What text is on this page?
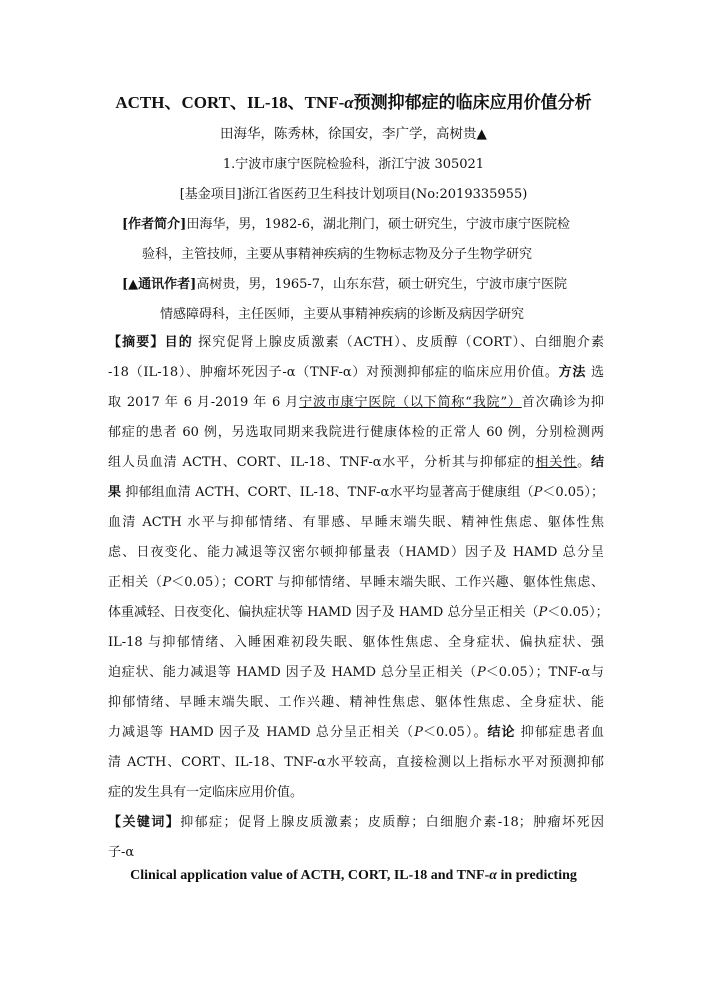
ACTH、CORT、IL-18、TNF-α预测抑郁症的临床应用价值分析
田海华，陈秀林，徐国安，李广学，高树贵▲
1.宁波市康宁医院检验科，浙江宁波 305021
[基金项目]浙江省医药卫生科技计划项目(No:2019335955)
[作者简介]田海华，男，1982-6，湖北荆门，硕士研究生，宁波市康宁医院检
验科，主管技师，主要从事精神疾病的生物标志物及分子生物学研究
[▲通讯作者]高树贵，男，1965-7，山东东营，硕士研究生，宁波市康宁医院
情感障碍科，主任医师，主要从事精神疾病的诊断及病因学研究
【摘要】目的 探究促肾上腺皮质激素（ACTH）、皮质醇（CORT）、白细胞介素
-18（IL-18）、肿瘤坏死因子-α（TNF-α）对预测抑郁症的临床应用价值。方法 选
取 2017 年 6 月-2019 年 6 月宁波市康宁医院（以下简称“我院”）首次确诊为抑
郁症的患者 60 例，另选取同期来我院进行健康体检的正常人 60 例，分别检测两
组人员血清 ACTH、CORT、IL-18、TNF-α水平，分析其与抑郁症的相关性。结
果 抑郁组血清 ACTH、CORT、IL-18、TNF-α水平均显著高于健康组（P＜0.05）；
血清 ACTH 水平与抑郁情绪、有罪感、早睡末端失眠、精神性焦虑、躯体性焦
虑、日夜变化、能力减退等汉密尔顿抑郁量表（HAMD）因子及 HAMD 总分呈
正相关（P＜0.05）；CORT 与抑郁情绪、早睡末端失眠、工作兴趣、躯体性焦虑、
体重减轻、日夜变化、偏执症状等 HAMD 因子及 HAMD 总分呈正相关（P＜0.05）；
IL-18 与抑郁情绪、入睡困难初段失眠、躯体性焦虑、全身症状、偏执症状、强
迫症状、能力减退等 HAMD 因子及 HAMD 总分呈正相关（P＜0.05）；TNF-α与
抑郁情绪、早睡末端失眠、工作兴趣、精神性焦虑、躯体性焦虑、全身症状、能
力减退等 HAMD 因子及 HAMD 总分呈正相关（P＜0.05）。结论 抑郁症患者血
清 ACTH、CORT、IL-18、TNF-α水平较高，直接检测以上指标水平对预测抑郁
症的发生具有一定临床应用价值。
【关键词】抑郁症；促肾上腺皮质激素；皮质醇；白细胞介素-18；肿瘤坏死因
子-α
Clinical application value of ACTH, CORT, IL-18 and TNF-α in predicting
